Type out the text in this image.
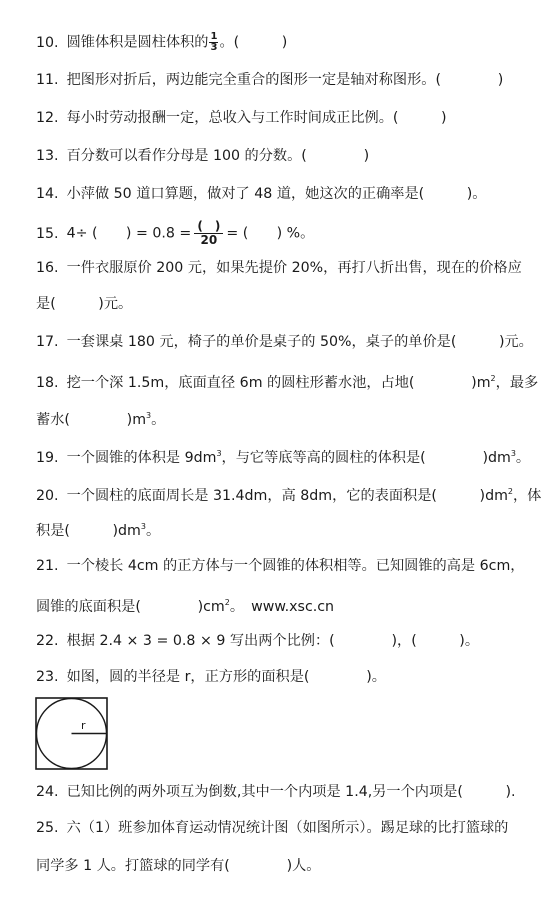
10. 圆锥体积是圆柱体积的 $\frac{1}{3}$ 。(　　　)
11. 把图形对折后，两边能完全重合的图形一定是轴对称图形。(　　　　)
12. 每小时劳动报酬一定，总收入与工作时间成正比例。(　　　)
13. 百分数可以看作分母是 100 的分数。(　　　　)
14. 小萍做 50 道口算题，做对了 48 道，她这次的正确率是(　　　)。
15. 4÷ (　　) = 0.8 = (　)
20 = (　　) %。
16. 一件衣服原价 200 元，如果先提价 20%，再打八折出售，现在的价格应
是(　　　)元。
17. 一套课桌 180 元，椅子的单价是桌子的 50%，桌子的单价是(　　　)元。
18. 挖一个深 1.5m，底面直径 6m 的圆柱形蓄水池，占地(　　　　)$m^2$，最多
蓄水(　　　　)$m^3$。
19. 一个圆锥的体积是 $9dm^3$，与它等底等高的圆柱的体积是(　　　　)$dm^3$。
20. 一个圆柱的底面周长是 31.4dm，高 8dm，它的表面积是(　　　)$dm^2$，体
积是(　　　)$dm^3$。
21. 一个棱长 4cm 的正方体与一个圆锥的体积相等。已知圆锥的高是 6cm，
圆锥的底面积是(　　　　)$cm^2$。　www.xsc.cn
22. 根据 2.4 × 3 = 0.8 × 9 写出两个比例：(　　　　)，(　　　)。
23. 如图，圆的半径是 r，正方形的面积是(　　　　)。
r
24. 已知比例的两外项互为倒数,其中一个内项是 1.4,另一个内项是(　　　).
25. 六（1）班参加体育运动情况统计图（如图所示）。踢足球的比打篮球的
同学多 1 人。打篮球的同学有(　　　　)人。
